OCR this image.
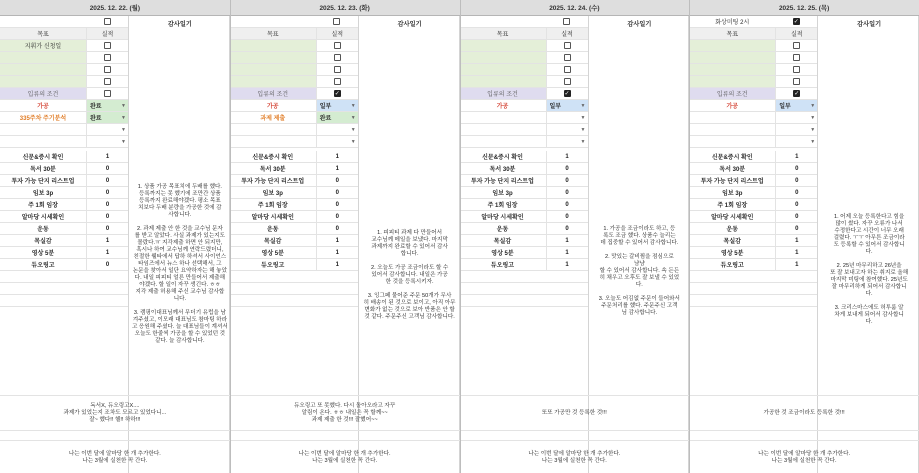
2025. 12. 22. (월)
목표	실적
지휘가 신청일
입류의 조건
가공	완료	▼
335주차 주기분석	완료	▼
▼
▼
신문&증시 확인	1
독서 30분	0
투자 가능 단지 리스트업	0
임보 3p	0
주 1회 임장	0
알마당 시세확인	0
운동	0
목실감	1
영상 5분	1
듀오링고	0
감사일기
1. 상품 가공 목표치에 두배를 했다.
등록까지는 못 했기에 조만간 상품
등록까지 완료해야겠다. 평소 목표
치보다 두배 분량을 가공한 것에 감
사합니다.

2. 과제 제출 안 한 것을 교수님 문자
를 받고 알았다. 사실 과제가 있는지도
몰랐다.ㅠ 지각제출 하면 안 되지만,
혹시나 하여 교수님께 연락드렸더니,
친절한 웰타에서 답하 하셔서 사이언스
타임즈에서 뉴스 하나 선택해서, 그
논문을 찾아서 일단 요약하자는 해 놓았
다. 내일 피피티 얼른 만들어서 제출해
야겠다. 할 일이 자꾸 생긴다. ㅎㅎ
지각 제출 허용해 주신 교수님 감사합
니다.

3. 캠핑이대표님께서 무더기 유럽을 남
겨주셨고, 이모래 대표님도 참마팅 하라
고 응원해 주셨다. 늘 대표님들이 계셔서
오늘도 한줄씩 가공을 할 수 있었던 것
같다. 늘 감사합니다.
독서X, 듀오링고X....
과제가 있었는지 조차도 모르고 있었다니...
잘~ 했다!! 헬!! 하하!!!
나는 이번 달에 알마당 한 개 추가한다.
나는 3월에 실천한 꼭 간다.
2025. 12. 23. (화)
목표	실적
입류의 조건	✓
가공	일부	▼
과제 제출	완료	▼
▼
▼
신문&증시 확인	1
독서 30분	1
투자 가능 단지 리스트업	0
임보 3p	0
주 1회 임장	0
알마당 시세확인	0
운동	0
목실감	1
영상 5분	1
듀오링고	1
감사일기
1. 피피티 과제 다 만들어서
교수님께 메일을 보냈다. 마지막
과제까지 완료할 수 있어서 감사
합니다.

2. 오늘도 가공 조금이라도 할 수
있어서 감사합니다. 내일은 가공
한 것을 등록시키자.

3. 잉그페 물어준 주문 50개가 무사
히 배송이 된 것으로 보이고, 아직 아무
변화가 없는 것으로 보아 반품은 안 할
것 같다. 주문주신 고객님 감사합니다.
듀오링고 또 못했다. 다시 돌아오라고 자꾸
알림이 온다. ㅎㅎ 내일은 꼭 할께~~
과제 제출 한 것!!! 잘했어~~
나는 이번 달에 알마당 한 개 추가한다.
나는 3월에 실천한 꼭 간다.
2025. 12. 24. (수)
목표	실적
입류의 조건	✓
가공	일부	▼
▼
▼
▼
신문&증시 확인	1
독서 30분	0
투자 가능 단지 리스트업	0
임보 3p	0
주 1회 임장	0
알마당 시세확인	0
운동	0
목실감	1
영상 5분	1
듀오링고	1
감사일기
1. 가공을 조금이라도 하고, 등
록도 조금 했다. 상품수 늘리는
데 집중할 수 있어서 감사합니다.

2. 맛있는 갈비찜을 점심으로
냠냠
할 수 있어서 감사합니다. 속 든든
히 채우고 오후도 잘 보낼 수 있었
다.

3. 오늘도 어김없 주문이 들어와서
주문처리를 했다. 주문주신 고객
님 감사합니다.
또또 가공만 것 등록한 것!!!
나는 이번 달에 알마당 한 개 추가한다.
나는 3월에 실천한 꼭 간다.
2025. 12. 25. (목)
화상미팅 2시	✓
목표	실적
입류의 조건	✓
가공	일부	▼
▼
▼
▼
신문&증시 확인	1
독서 30분	0
투자 가능 단지 리스트업	0
임보 3p	0
주 1회 임장	0
알마당 시세확인	0
운동	0
목실감	1
영상 5분	1
듀오링고	1
감사일기
1. 어제 오늘 등록한다고 힘을
많이 썼다. 자꾸 오류가 나서
수정한다고 시간이 너무 오래
걸렸다. ㅜㅜ 아무튼 조금이라
도 등록할 수 있어서 감사합니
다.

2. 25년 마무리하고 26년을
또 잘 보내고자 하는 취지로 올해
마지막 미팅에 참여했다. 25년도
잘 마무리하게 되어서 감사합니
다.

3. 크리스마스에도 허투룸 알
차게 보내게 되어서 감사합니
다.
가공한 것 조금이라도 등록한 것!!!
나는 이번 달에 알마당 한 개 추가한다.
나는 3월에 실천한 꼭 간다.
